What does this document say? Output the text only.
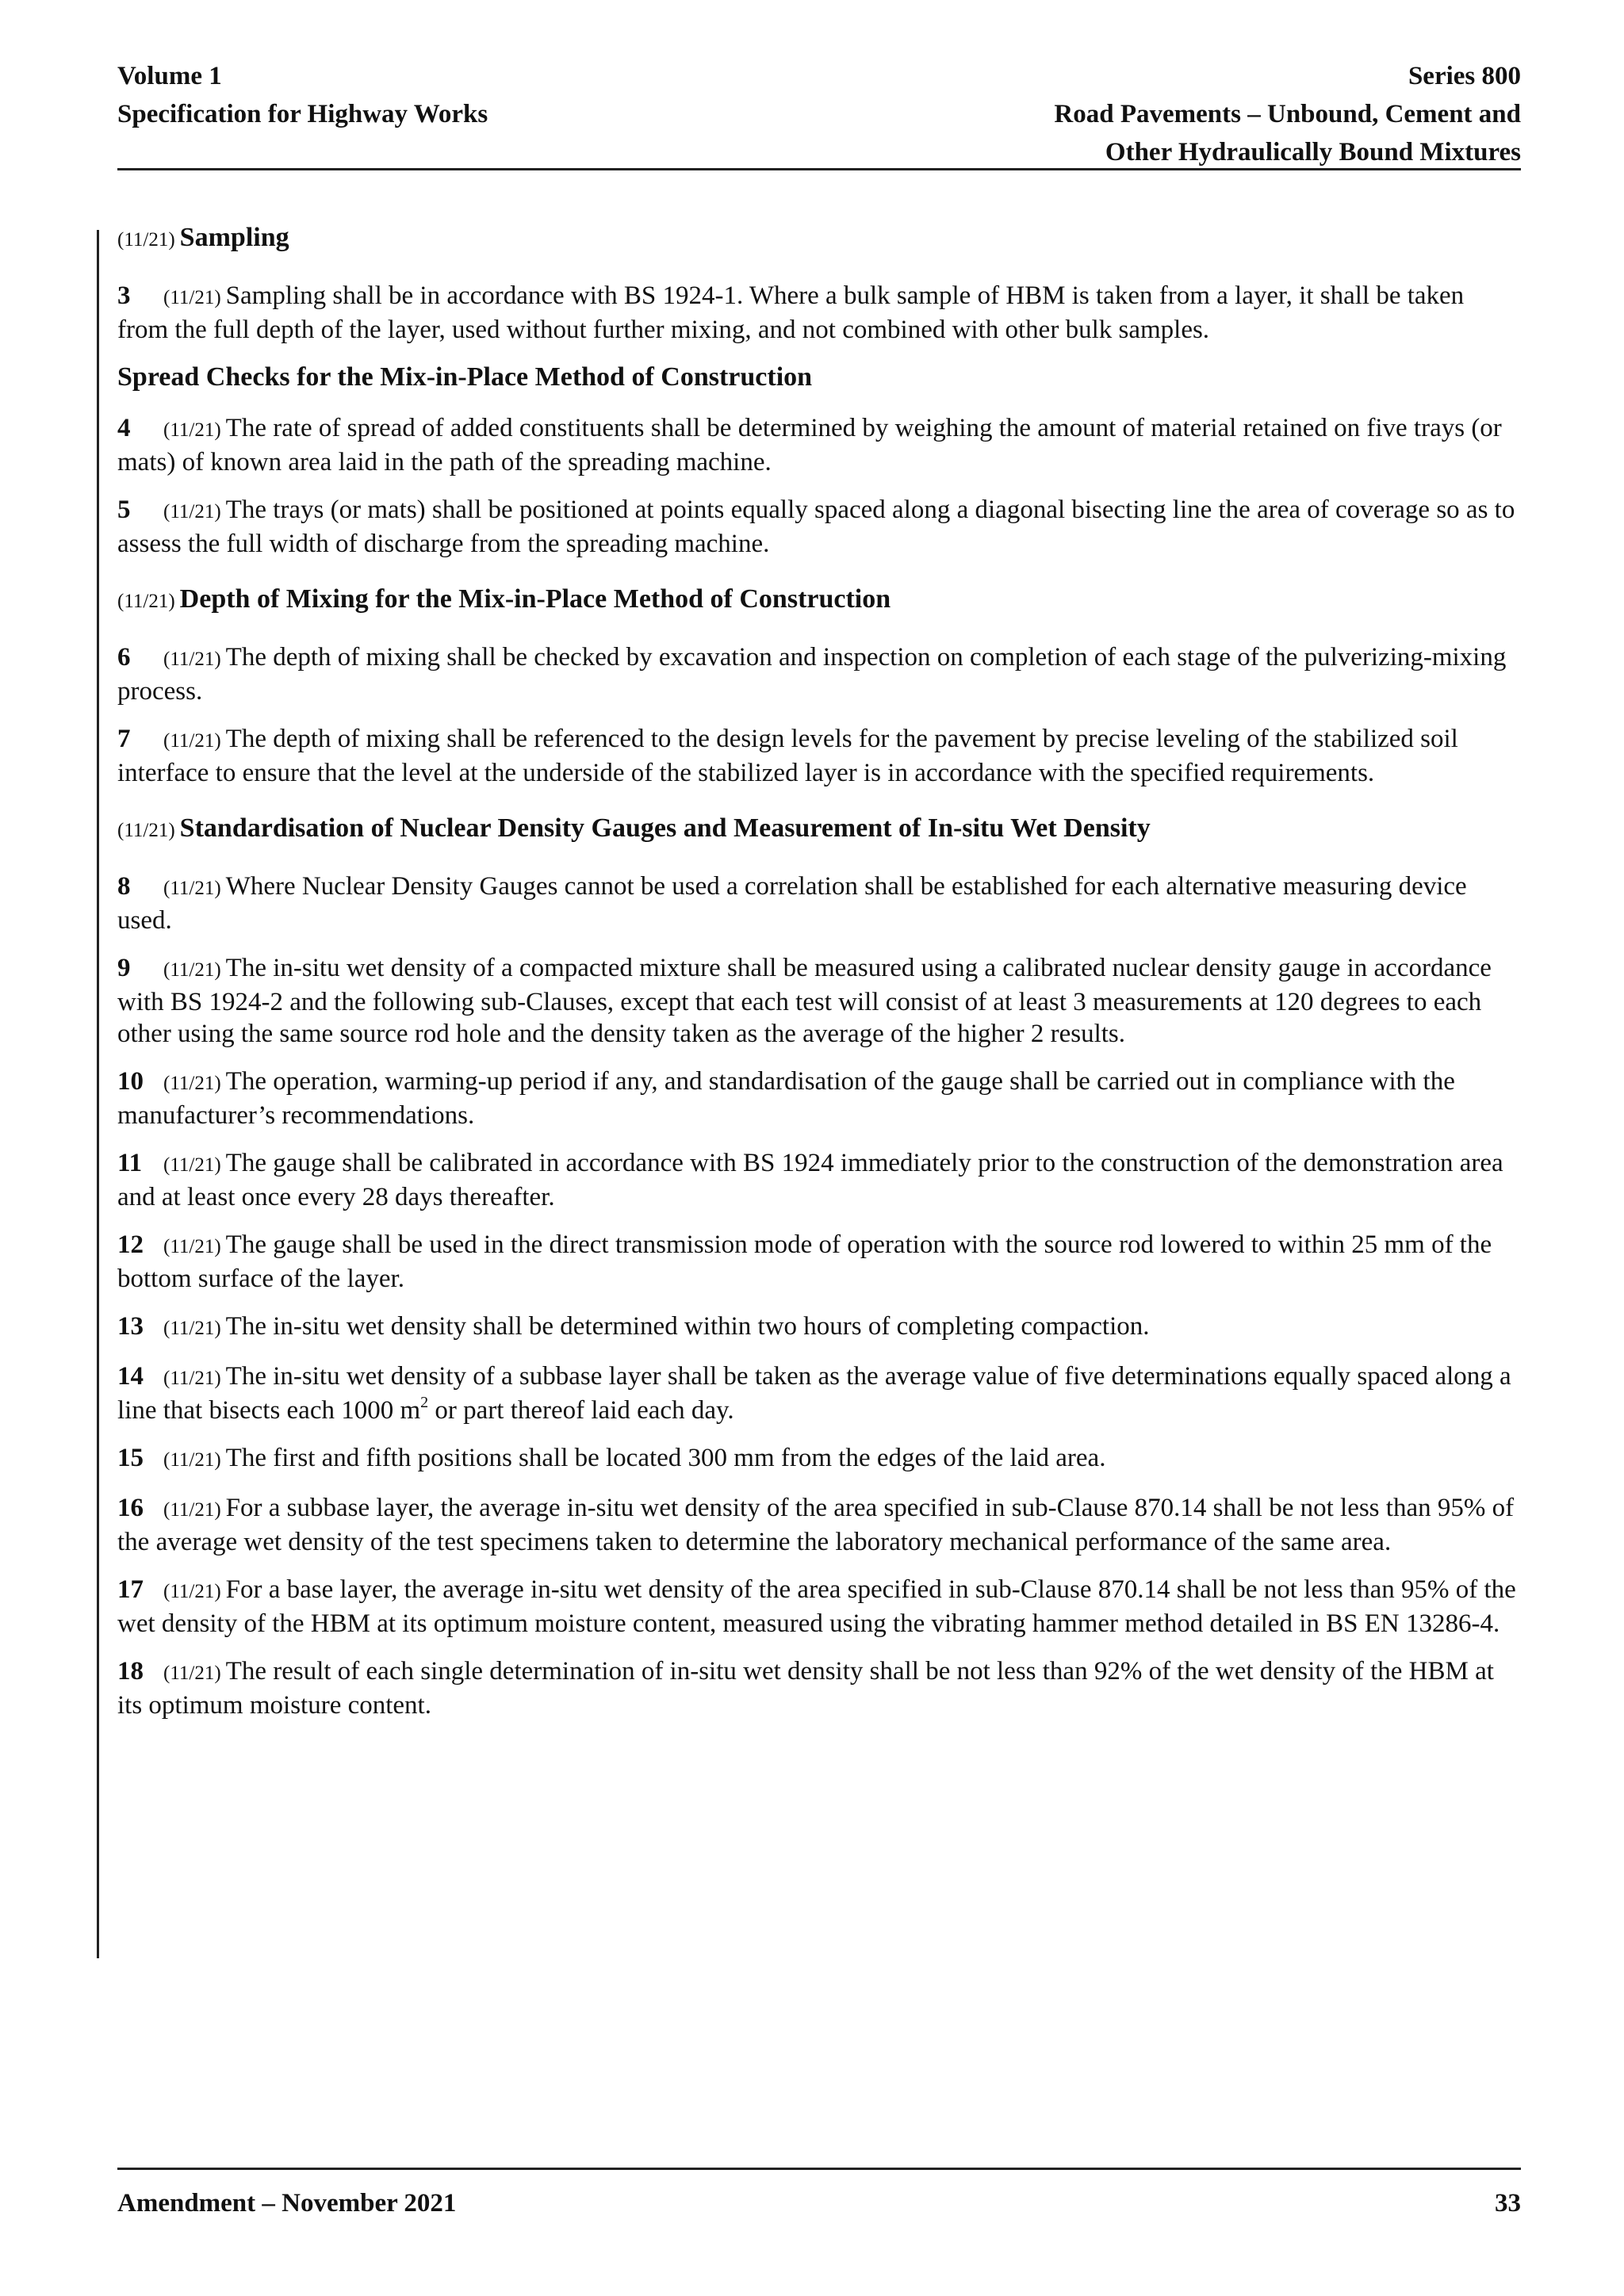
Volume 1
Specification for Highway Works
Series 800
Road Pavements – Unbound, Cement and
Other Hydraulically Bound Mixtures
(11/21) Sampling
3 (11/21) Sampling shall be in accordance with BS 1924-1. Where a bulk sample of HBM is taken from a layer, it shall be taken from the full depth of the layer, used without further mixing, and not combined with other bulk samples.
Spread Checks for the Mix-in-Place Method of Construction
4 (11/21) The rate of spread of added constituents shall be determined by weighing the amount of material retained on five trays (or mats) of known area laid in the path of the spreading machine.
5 (11/21) The trays (or mats) shall be positioned at points equally spaced along a diagonal bisecting line the area of coverage so as to assess the full width of discharge from the spreading machine.
(11/21) Depth of Mixing for the Mix-in-Place Method of Construction
6 (11/21) The depth of mixing shall be checked by excavation and inspection on completion of each stage of the pulverizing-mixing process.
7 (11/21) The depth of mixing shall be referenced to the design levels for the pavement by precise leveling of the stabilized soil interface to ensure that the level at the underside of the stabilized layer is in accordance with the specified requirements.
(11/21) Standardisation of Nuclear Density Gauges and Measurement of In-situ Wet Density
8 (11/21) Where Nuclear Density Gauges cannot be used a correlation shall be established for each alternative measuring device used.
9 (11/21) The in-situ wet density of a compacted mixture shall be measured using a calibrated nuclear density gauge in accordance with BS 1924-2 and the following sub-Clauses, except that each test will consist of at least 3 measurements at 120 degrees to each other using the same source rod hole and the density taken as the average of the higher 2 results.
10 (11/21) The operation, warming-up period if any, and standardisation of the gauge shall be carried out in compliance with the manufacturer’s recommendations.
11 (11/21) The gauge shall be calibrated in accordance with BS 1924 immediately prior to the construction of the demonstration area and at least once every 28 days thereafter.
12 (11/21) The gauge shall be used in the direct transmission mode of operation with the source rod lowered to within 25 mm of the bottom surface of the layer.
13 (11/21) The in-situ wet density shall be determined within two hours of completing compaction.
14 (11/21) The in-situ wet density of a subbase layer shall be taken as the average value of five determinations equally spaced along a line that bisects each 1000 $m^2$ or part thereof laid each day.
15 (11/21) The first and fifth positions shall be located 300 mm from the edges of the laid area.
16 (11/21) For a subbase layer, the average in-situ wet density of the area specified in sub-Clause 870.14 shall be not less than 95% of the average wet density of the test specimens taken to determine the laboratory mechanical performance of the same area.
17 (11/21) For a base layer, the average in-situ wet density of the area specified in sub-Clause 870.14 shall be not less than 95% of the wet density of the HBM at its optimum moisture content, measured using the vibrating hammer method detailed in BS EN 13286-4.
18 (11/21) The result of each single determination of in-situ wet density shall be not less than 92% of the wet density of the HBM at its optimum moisture content.
Amendment – November 2021	33
